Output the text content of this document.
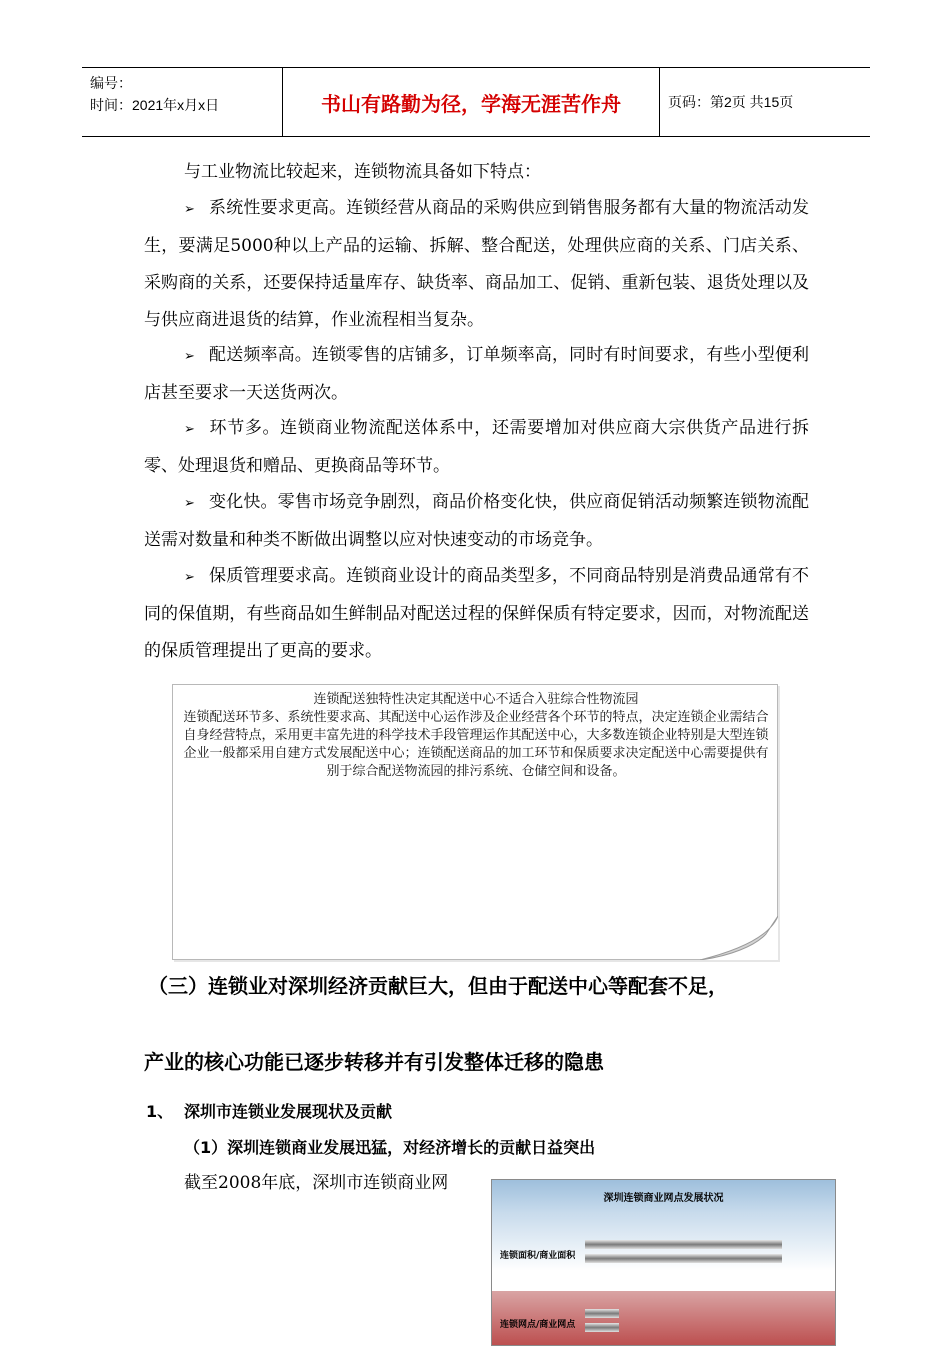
编号：
时间：2021年x月x日	书山有路勤为径，学海无涯苦作舟	页码：第2页 共15页
与工业物流比较起来，连锁物流具备如下特点：
➢ 系统性要求更高。连锁经营从商品的采购供应到销售服务都有大量的物流活动发生，要满足5000种以上产品的运输、拆解、整合配送，处理供应商的关系、门店关系、采购商的关系，还要保持适量库存、缺货率、商品加工、促销、重新包装、退货处理以及与供应商进退货的结算，作业流程相当复杂。
➢ 配送频率高。连锁零售的店铺多，订单频率高，同时有时间要求，有些小型便利店甚至要求一天送货两次。
➢ 环节多。连锁商业物流配送体系中，还需要增加对供应商大宗供货产品进行拆零、处理退货和赠品、更换商品等环节。
➢ 变化快。零售市场竞争剧烈，商品价格变化快，供应商促销活动频繁连锁物流配送需对数量和种类不断做出调整以应对快速变动的市场竞争。
➢ 保质管理要求高。连锁商业设计的商品类型多，不同商品特别是消费品通常有不同的保值期，有些商品如生鲜制品对配送过程的保鲜保质有特定要求，因而，对物流配送的保质管理提出了更高的要求。
连锁配送独特性决定其配送中心不适合入驻综合性物流园
连锁配送环节多、系统性要求高、其配送中心运作涉及企业经营各个环节的特点，决定连锁企业需结合自身经营特点，采用更丰富先进的科学技术手段管理运作其配送中心，大多数连锁企业特别是大型连锁企业一般都采用自建方式发展配送中心；连锁配送商品的加工环节和保质要求决定配送中心需要提供有别于综合配送物流园的排污系统、仓储空间和设备。
（三）连锁业对深圳经济贡献巨大，但由于配送中心等配套不足，
产业的核心功能已逐步转移并有引发整体迁移的隐患
1、 深圳市连锁业发展现状及贡献
（1）深圳连锁商业发展迅猛，对经济增长的贡献日益突出
截至2008年底，深圳市连锁商业网
深圳连锁商业网点发展状况
连锁面积/商业面积
连锁网点/商业网点
